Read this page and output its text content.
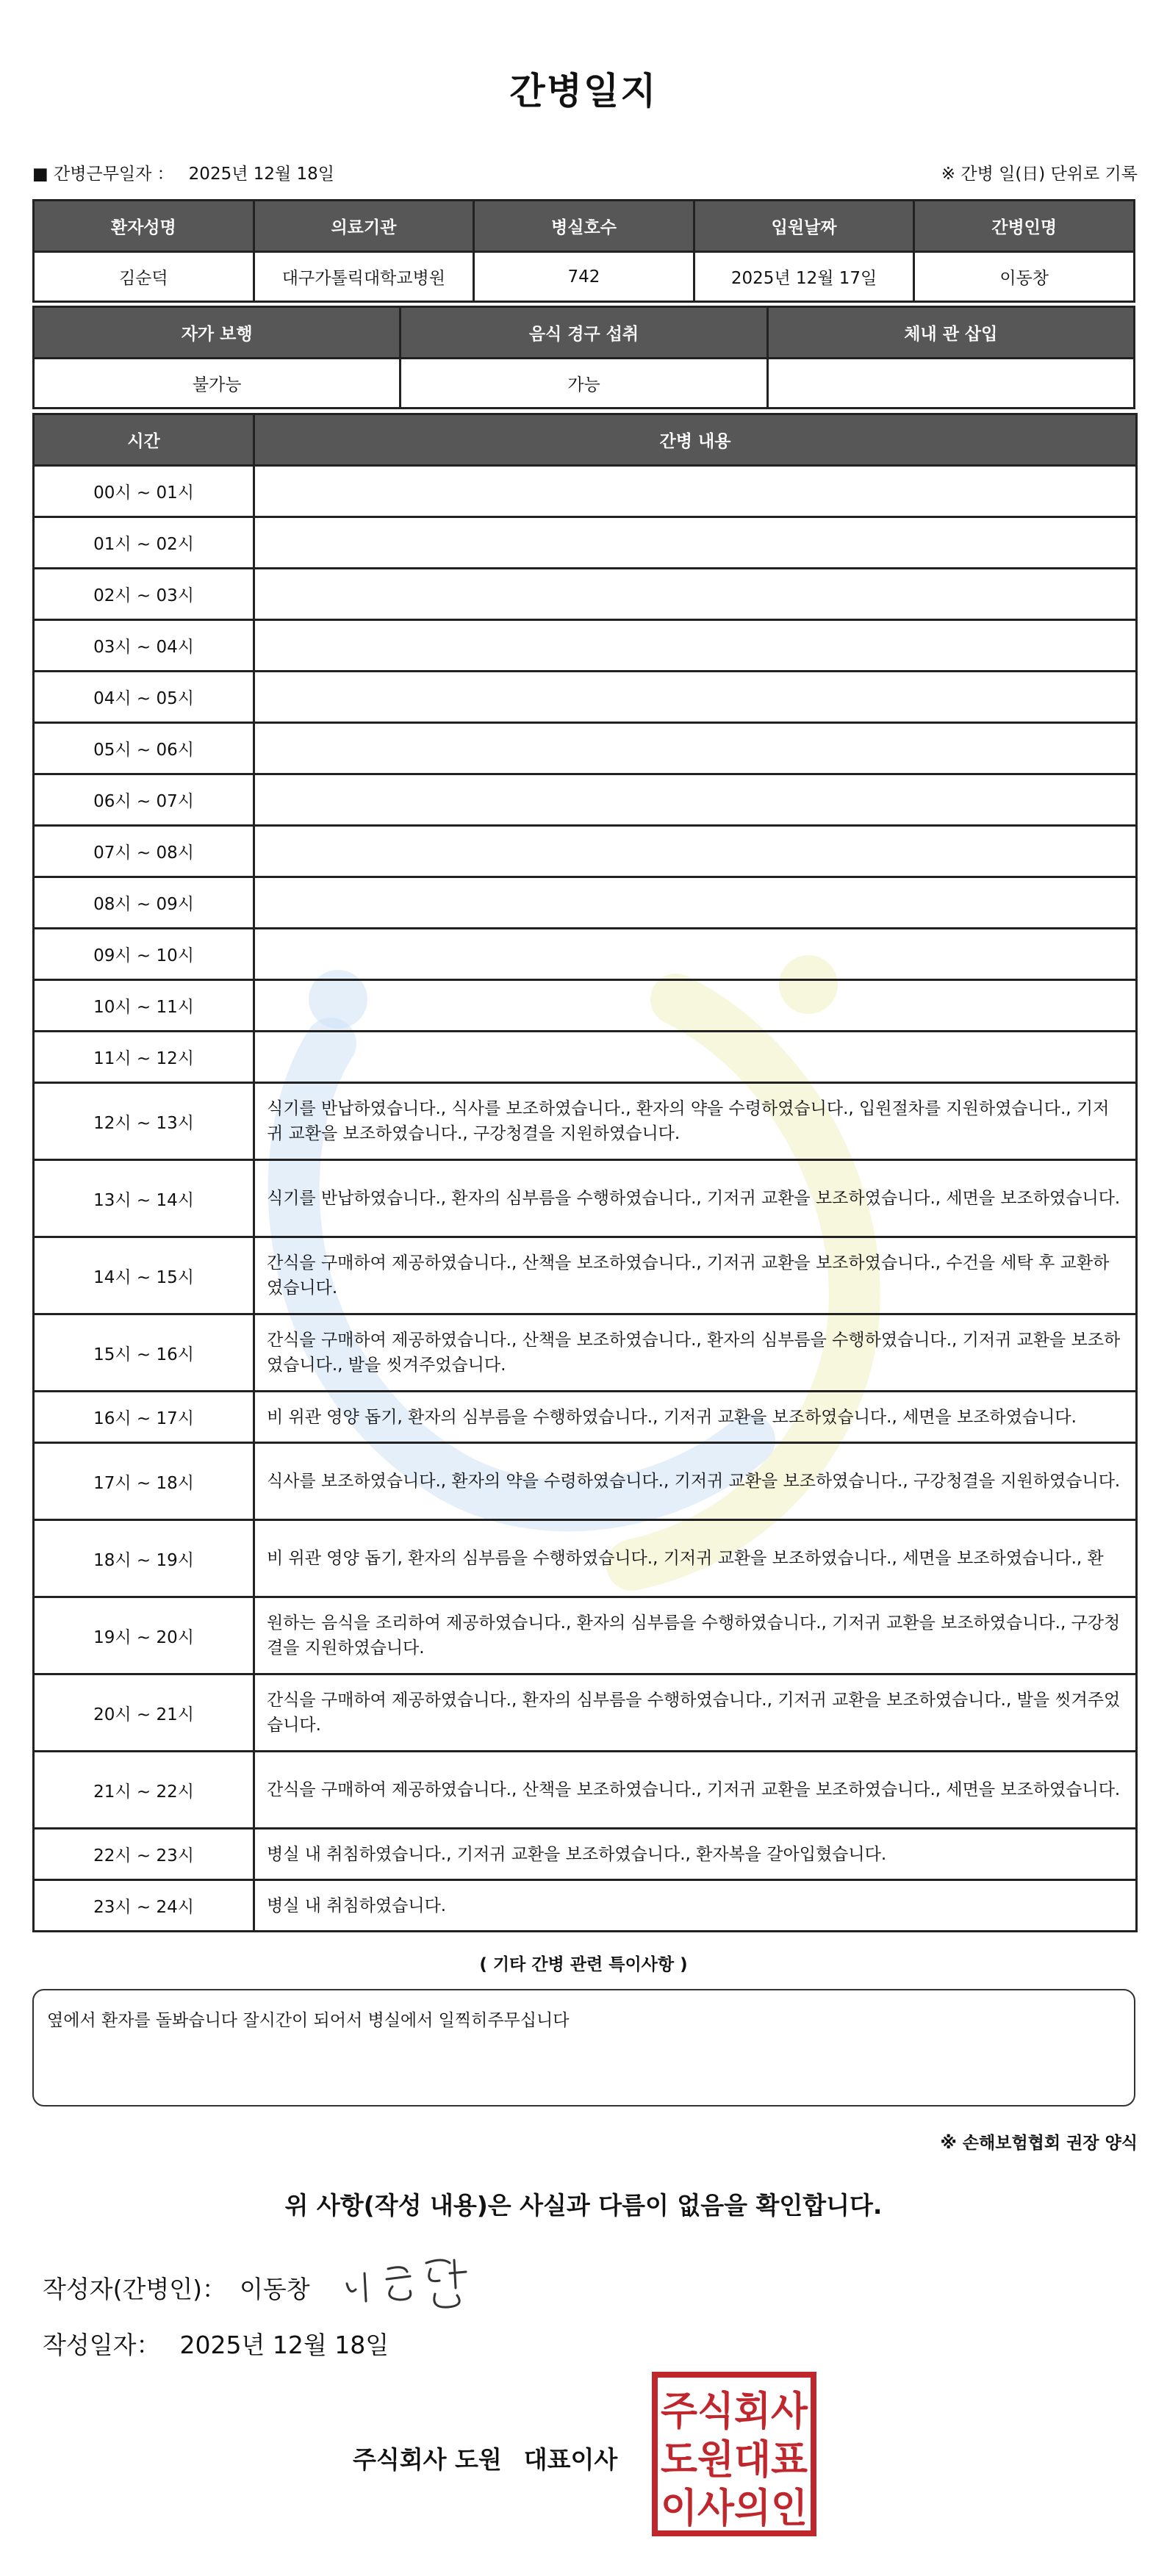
간병일지
■ 간병근무일자 ： 2025년 12월 18일	※ 간병 일(日) 단위로 기록
환자성명	의료기관	병실호수	입원날짜	간병인명
김순덕	대구가톨릭대학교병원	742	2025년 12월 17일	이동창
자가 보행	음식 경구 섭취	체내 관 삽입
불가능	가능	
시간	간병 내용
00시 ~ 01시	
01시 ~ 02시	
02시 ~ 03시	
03시 ~ 04시	
04시 ~ 05시	
05시 ~ 06시	
06시 ~ 07시	
07시 ~ 08시	
08시 ~ 09시	
09시 ~ 10시	
10시 ~ 11시	
11시 ~ 12시	
12시 ~ 13시	식기를 반납하였습니다., 식사를 보조하였습니다., 환자의 약을 수령하였습니다., 입원절차를 지원하였습니다., 기저귀 교환을 보조하였습니다., 구강청결을 지원하였습니다.
13시 ~ 14시	식기를 반납하였습니다., 환자의 심부름을 수행하였습니다., 기저귀 교환을 보조하였습니다., 세면을 보조하였습니다.
14시 ~ 15시	간식을 구매하여 제공하였습니다., 산책을 보조하였습니다., 기저귀 교환을 보조하였습니다., 수건을 세탁 후 교환하였습니다.
15시 ~ 16시	간식을 구매하여 제공하였습니다., 산책을 보조하였습니다., 환자의 심부름을 수행하였습니다., 기저귀 교환을 보조하였습니다., 발을 씻겨주었습니다.
16시 ~ 17시	비 위관 영양 돕기, 환자의 심부름을 수행하였습니다., 기저귀 교환을 보조하였습니다., 세면을 보조하였습니다.
17시 ~ 18시	식사를 보조하였습니다., 환자의 약을 수령하였습니다., 기저귀 교환을 보조하였습니다., 구강청결을 지원하였습니다.
18시 ~ 19시	비 위관 영양 돕기, 환자의 심부름을 수행하였습니다., 기저귀 교환을 보조하였습니다., 세면을 보조하였습니다., 환
19시 ~ 20시	원하는 음식을 조리하여 제공하였습니다., 환자의 심부름을 수행하였습니다., 기저귀 교환을 보조하였습니다., 구강청결을 지원하였습니다.
20시 ~ 21시	간식을 구매하여 제공하였습니다., 환자의 심부름을 수행하였습니다., 기저귀 교환을 보조하였습니다., 발을 씻겨주었습니다.
21시 ~ 22시	간식을 구매하여 제공하였습니다., 산책을 보조하였습니다., 기저귀 교환을 보조하였습니다., 세면을 보조하였습니다.
22시 ~ 23시	병실 내 취침하였습니다., 기저귀 교환을 보조하였습니다., 환자복을 갈아입혔습니다.
23시 ~ 24시	병실 내 취침하였습니다.
( 기타 간병 관련 특이사항 )
옆에서 환자를 돌봐습니다 잘시간이 되어서 병실에서 일찍히주무십니다
※ 손해보험협회 권장 양식
위 사항(작성 내용)은 사실과 다름이 없음을 확인합니다.
작성자(간병인)： 이동창
작성일자： 2025년 12월 18일
주식회사 도원 대표이사
주식회사
도원대표
이사의인
